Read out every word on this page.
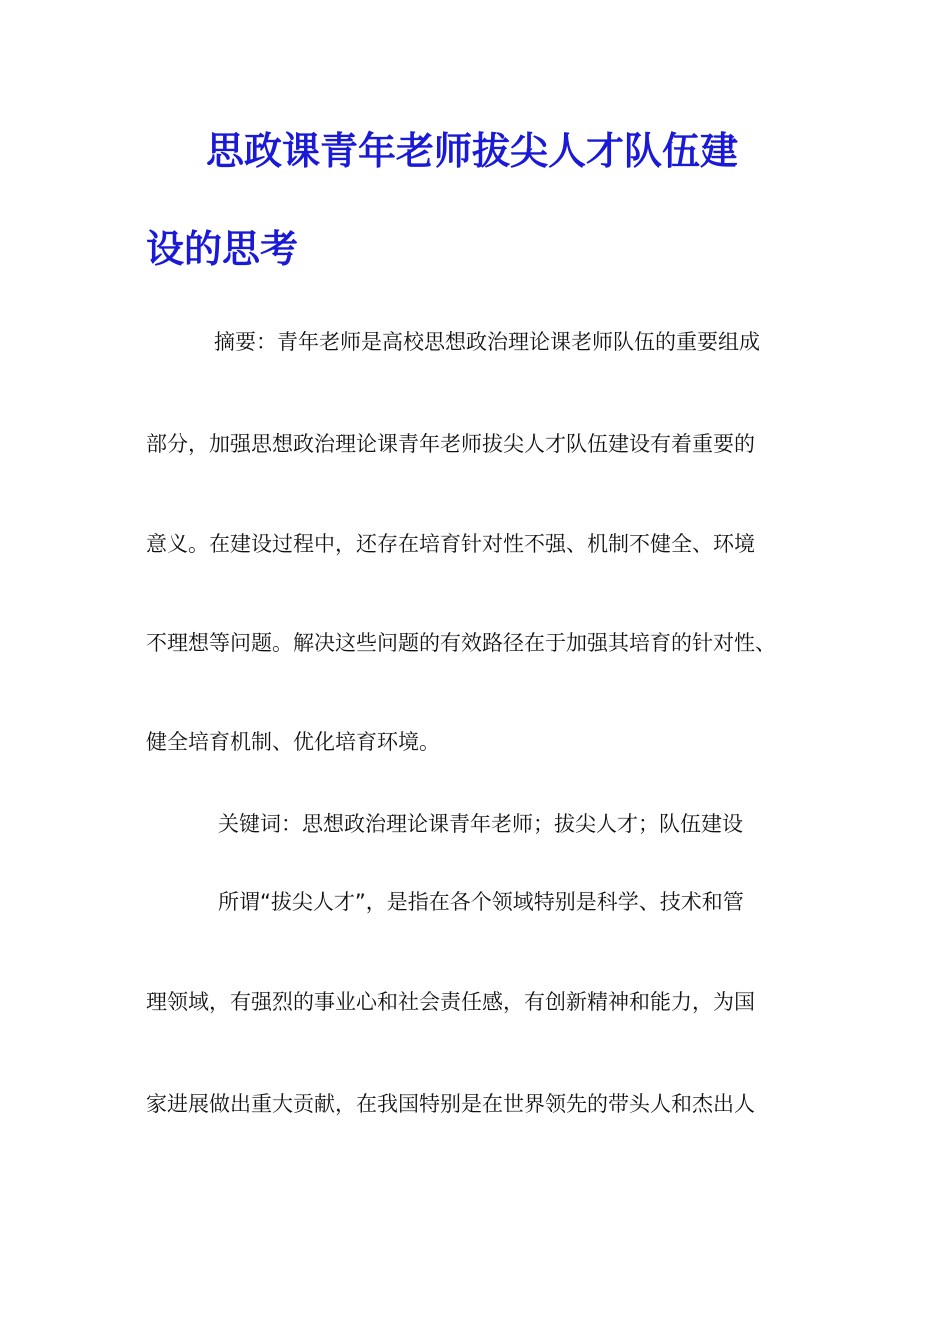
思政课青年老师拔尖人才队伍建
设的思考

摘要：青年老师是高校思想政治理论课老师队伍的重要组成

部分，加强思想政治理论课青年老师拔尖人才队伍建设有着重要的

意义。在建设过程中，还存在培育针对性不强、机制不健全、环境

不理想等问题。解决这些问题的有效路径在于加强其培育的针对性、

健全培育机制、优化培育环境。

关键词：思想政治理论课青年老师；拔尖人才；队伍建设

所谓“拔尖人才”，是指在各个领域特别是科学、技术和管

理领域，有强烈的事业心和社会责任感，有创新精神和能力，为国

家进展做出重大贡献，在我国特别是在世界领先的带头人和杰出人
